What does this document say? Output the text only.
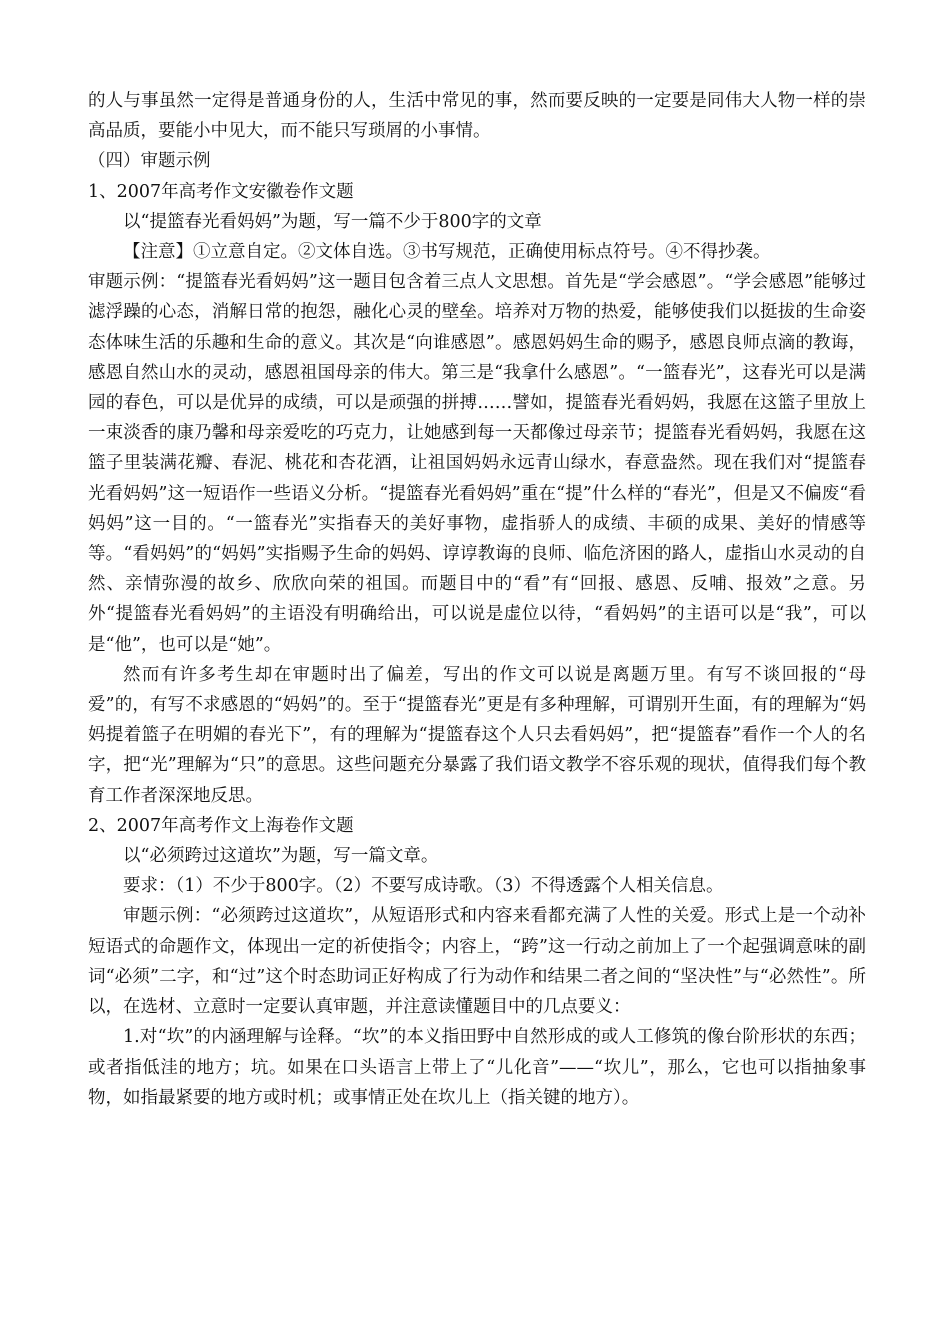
的人与事虽然一定得是普通身份的人，生活中常见的事，然而要反映的一定要是同伟大人物一样的崇高品质，要能小中见大，而不能只写琐屑的小事情。

（四）审题示例

1、2007年高考作文安徽卷作文题

以“提篮春光看妈妈”为题，写一篇不少于800字的文章

【注意】①立意自定。②文体自选。③书写规范，正确使用标点符号。④不得抄袭。

审题示例：“提篮春光看妈妈”这一题目包含着三点人文思想。首先是“学会感恩”。“学会感恩”能够过滤浮躁的心态，消解日常的抱怨，融化心灵的壁垒。培养对万物的热爱，能够使我们以挺拔的生命姿态体味生活的乐趣和生命的意义。其次是“向谁感恩”。感恩妈妈生命的赐予，感恩良师点滴的教诲，感恩自然山水的灵动，感恩祖国母亲的伟大。第三是“我拿什么感恩”。“一篮春光”，这春光可以是满园的春色，可以是优异的成绩，可以是顽强的拼搏……譬如，提篮春光看妈妈，我愿在这篮子里放上一束淡香的康乃馨和母亲爱吃的巧克力，让她感到每一天都像过母亲节；提篮春光看妈妈，我愿在这篮子里装满花瓣、春泥、桃花和杏花酒，让祖国妈妈永远青山绿水，春意盎然。现在我们对“提篮春光看妈妈”这一短语作一些语义分析。“提篮春光看妈妈”重在“提”什么样的“春光”，但是又不偏废“看妈妈”这一目的。“一篮春光”实指春天的美好事物，虚指骄人的成绩、丰硕的成果、美好的情感等等。“看妈妈”的“妈妈”实指赐予生命的妈妈、谆谆教诲的良师、临危济困的路人，虚指山水灵动的自然、亲情弥漫的故乡、欣欣向荣的祖国。而题目中的“看”有“回报、感恩、反哺、报效”之意。另外“提篮春光看妈妈”的主语没有明确给出，可以说是虚位以待，“看妈妈”的主语可以是“我”，可以是“他”，也可以是“她”。

然而有许多考生却在审题时出了偏差，写出的作文可以说是离题万里。有写不谈回报的“母爱”的，有写不求感恩的“妈妈”的。至于“提篮春光”更是有多种理解，可谓别开生面，有的理解为“妈妈提着篮子在明媚的春光下”，有的理解为“提篮春这个人只去看妈妈”，把“提篮春”看作一个人的名字，把“光”理解为“只”的意思。这些问题充分暴露了我们语文教学不容乐观的现状，值得我们每个教育工作者深深地反思。

2、2007年高考作文上海卷作文题

以“必须跨过这道坎”为题，写一篇文章。

要求：（1）不少于800字。（2）不要写成诗歌。（3）不得透露个人相关信息。

审题示例：“必须跨过这道坎”，从短语形式和内容来看都充满了人性的关爱。形式上是一个动补短语式的命题作文，体现出一定的祈使指令；内容上，“跨”这一行动之前加上了一个起强调意味的副词“必须”二字，和“过”这个时态助词正好构成了行为动作和结果二者之间的“坚决性”与“必然性”。所以，在选材、立意时一定要认真审题，并注意读懂题目中的几点要义：

1.对“坎”的内涵理解与诠释。“坎”的本义指田野中自然形成的或人工修筑的像台阶形状的东西；或者指低洼的地方；坑。如果在口头语言上带上了“儿化音”——“坎儿”，那么，它也可以指抽象事物，如指最紧要的地方或时机；或事情正处在坎儿上（指关键的地方）。
